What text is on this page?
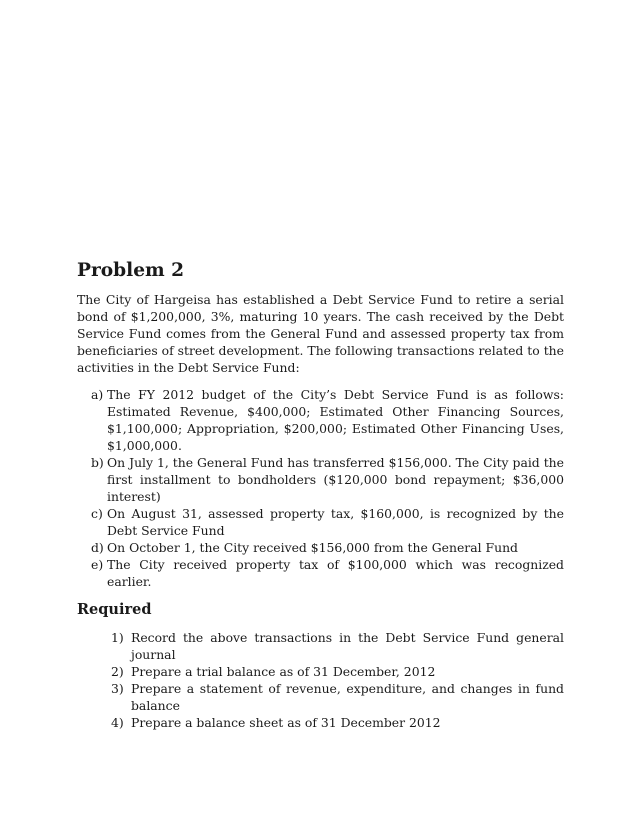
Problem 2

The City of Hargeisa has established a Debt Service Fund to retire a serial bond of $1,200,000, 3%, maturing 10 years. The cash received by the Debt Service Fund comes from the General Fund and assessed property tax from beneficiaries of street development. The following transactions related to the activities in the Debt Service Fund:

a) The FY 2012 budget of the City’s Debt Service Fund is as follows: Estimated Revenue, $400,000; Estimated Other Financing Sources, $1,100,000; Appropriation, $200,000; Estimated Other Financing Uses, $1,000,000.
b) On July 1, the General Fund has transferred $156,000. The City paid the first installment to bondholders ($120,000 bond repayment; $36,000 interest)
c) On August 31, assessed property tax, $160,000, is recognized by the Debt Service Fund
d) On October 1, the City received $156,000 from the General Fund
e) The City received property tax of $100,000 which was recognized earlier.
Required
1) Record the above transactions in the Debt Service Fund general journal
2) Prepare a trial balance as of 31 December, 2012
3) Prepare a statement of revenue, expenditure, and changes in fund balance
4) Prepare a balance sheet as of 31 December 2012
